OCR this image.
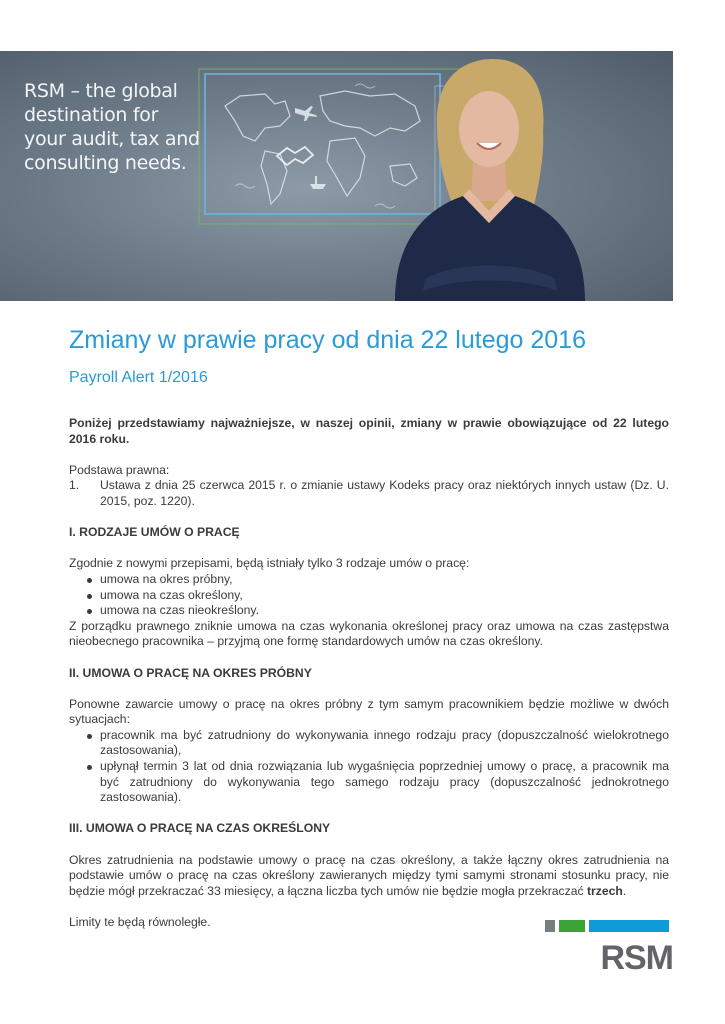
RSM – the global
destination for
your audit, tax and
consulting needs.

Zmiany w prawie pracy od dnia 22 lutego 2016
Payroll Alert 1/2016

Poniżej przedstawiamy najważniejsze, w naszej opinii, zmiany w prawie obowiązujące od 22 lutego 2016 roku.

Podstawa prawna:

1.	Ustawa z dnia 25 czerwca 2015 r. o zmianie ustawy Kodeks pracy oraz niektórych innych ustaw (Dz. U. 2015, poz. 1220).

I. RODZAJE UMÓW O PRACĘ

Zgodnie z nowymi przepisami, będą istniały tylko 3 rodzaje umów o pracę:

umowa na okres próbny,
umowa na czas określony,
umowa na czas nieokreślony.

Z porządku prawnego zniknie umowa na czas wykonania określonej pracy oraz umowa na czas zastępstwa nieobecnego pracownika – przyjmą one formę standardowych umów na czas określony.

II. UMOWA O PRACĘ NA OKRES PRÓBNY

Ponowne zawarcie umowy o pracę na okres próbny z tym samym pracownikiem będzie możliwe w dwóch sytuacjach:

pracownik ma być zatrudniony do wykonywania innego rodzaju pracy (dopuszczalność wielokrotnego zastosowania),
upłynął termin 3 lat od dnia rozwiązania lub wygaśnięcia poprzedniej umowy o pracę, a pracownik ma być zatrudniony do wykonywania tego samego rodzaju pracy (dopuszczalność jednokrotnego zastosowania).

III. UMOWA O PRACĘ NA CZAS OKREŚLONY

Okres zatrudnienia na podstawie umowy o pracę na czas określony, a także łączny okres zatrudnienia na podstawie umów o pracę na czas określony zawieranych między tymi samymi stronami stosunku pracy, nie będzie mógł przekraczać 33 miesięcy, a łączna liczba tych umów nie będzie mogła przekraczać trzech.

Limity te będą równoległe.

RSM
